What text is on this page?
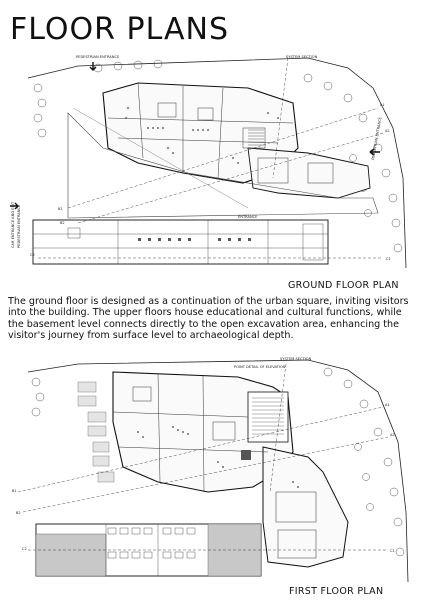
FLOOR PLANS
A1
A2
B1
B2
C1
C2
PEDESTRIAN ENTRANCE	SYSTEM SECTION
PEDESTRIAN ENTRANCE
CAR ENTRANCE AND EXIT PEDESTRIAN ENTRANCE	ENTRANCE
GROUND FLOOR PLAN
The ground floor is designed as a continuation of the urban square, inviting visitors into the building. The upper floors house educational and cultural functions, while the basement level connects directly to the open excavation area, enhancing the visitor's journey from surface level to archaeological depth.
A1
A2
B1
B2
C1
C2
POINT DETAIL OF ELEVATION
SYSTEM SECTION
FIRST FLOOR PLAN
